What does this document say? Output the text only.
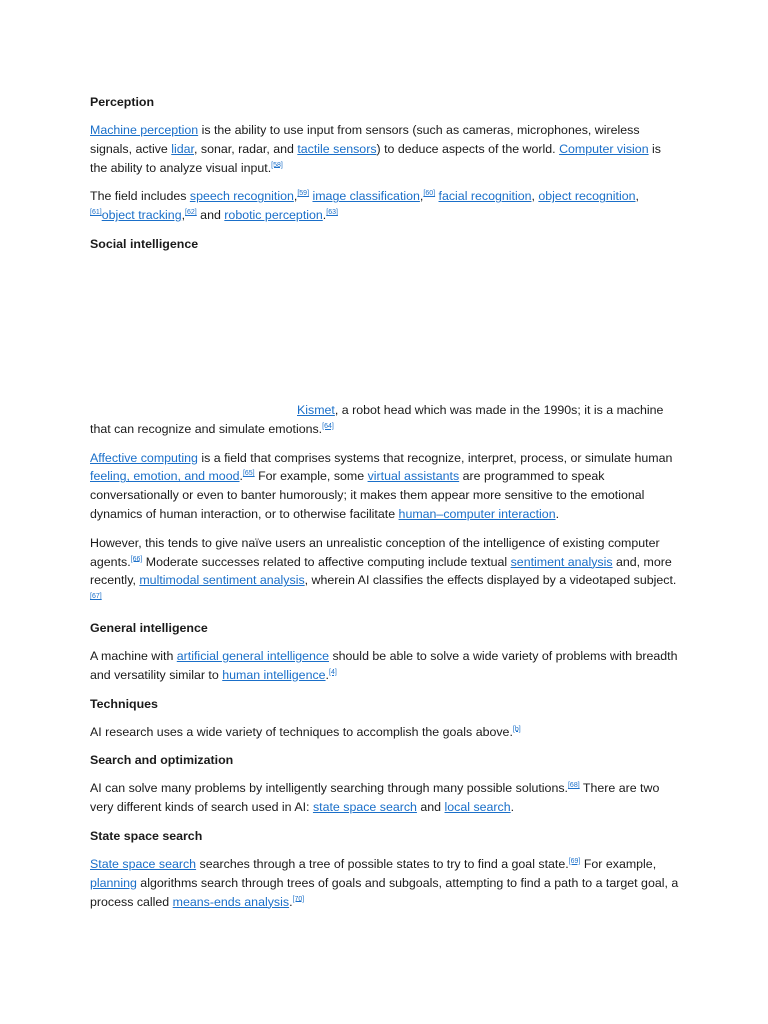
Perception

Machine perception is the ability to use input from sensors (such as cameras, microphones, wireless signals, active lidar, sonar, radar, and tactile sensors) to deduce aspects of the world. Computer vision is the ability to analyze visual input.[58]

The field includes speech recognition,[59] image classification,[60] facial recognition, object recognition,[61]object tracking,[62] and robotic perception.[63]

Social intelligence

Kismet, a robot head which was made in the 1990s; it is a machine that can recognize and simulate emotions.[64]

Affective computing is a field that comprises systems that recognize, interpret, process, or simulate human feeling, emotion, and mood.[65] For example, some virtual assistants are programmed to speak conversationally or even to banter humorously; it makes them appear more sensitive to the emotional dynamics of human interaction, or to otherwise facilitate human–computer interaction.

However, this tends to give naïve users an unrealistic conception of the intelligence of existing computer agents.[66] Moderate successes related to affective computing include textual sentiment analysis and, more recently, multimodal sentiment analysis, wherein AI classifies the effects displayed by a videotaped subject.[67]

General intelligence

A machine with artificial general intelligence should be able to solve a wide variety of problems with breadth and versatility similar to human intelligence.[4]

Techniques

AI research uses a wide variety of techniques to accomplish the goals above.[b]

Search and optimization

AI can solve many problems by intelligently searching through many possible solutions.[68] There are two very different kinds of search used in AI: state space search and local search.

State space search

State space search searches through a tree of possible states to try to find a goal state.[69] For example, planning algorithms search through trees of goals and subgoals, attempting to find a path to a target goal, a process called means-ends analysis.[70]
